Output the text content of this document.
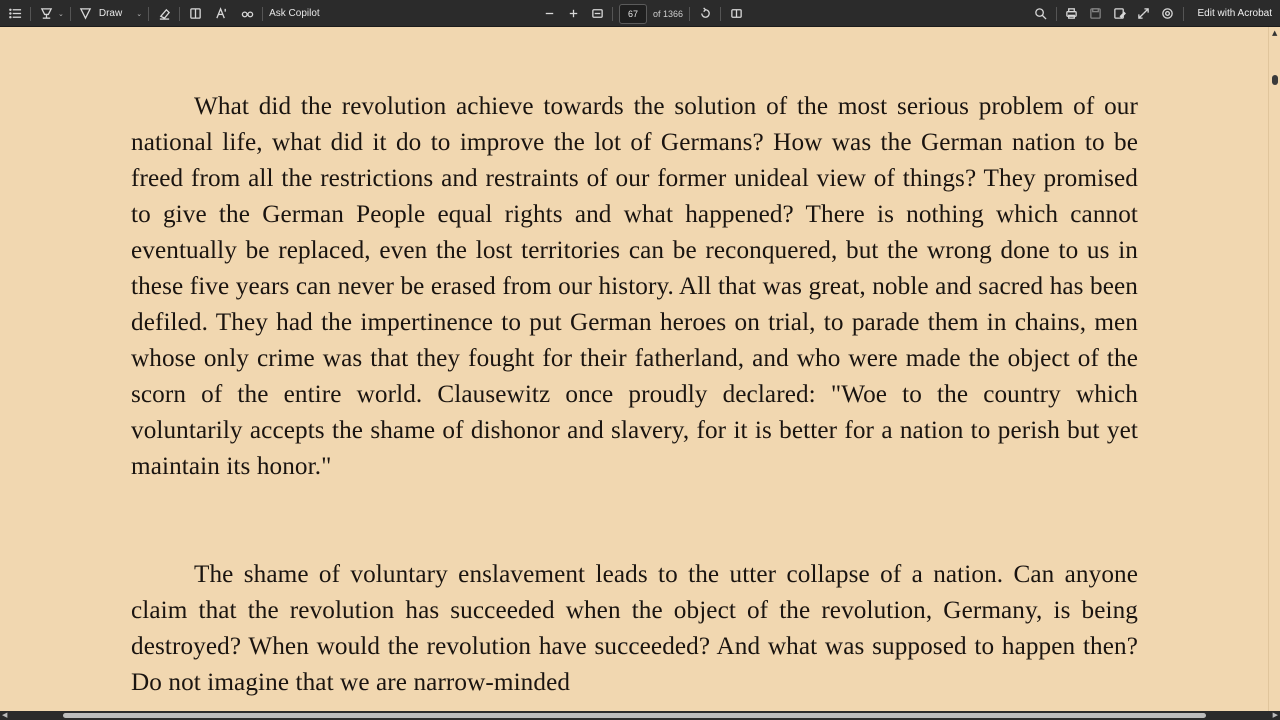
⌄	Draw ⌄	Ask Copilot	67	of 1366	Edit with Acrobat

What did the revolution achieve towards the solution of the most serious problem of our national life, what did it do to improve the lot of Germans? How was the German nation to be freed from all the restrictions and restraints of our former unideal view of things? They promised to give the German People equal rights and what happened? There is nothing which cannot eventually be replaced, even the lost territories can be reconquered, but the wrong done to us in these five years can never be erased from our history. All that was great, noble and sacred has been defiled. They had the impertinence to put German heroes on trial, to parade them in chains, men whose only crime was that they fought for their fatherland, and who were made the object of the scorn of the entire world. Clausewitz once proudly declared: "Woe to the country which voluntarily accepts the shame of dishonor and slavery, for it is better for a nation to perish but yet maintain its honor."

The shame of voluntary enslavement leads to the utter collapse of a nation. Can anyone claim that the revolution has succeeded when the object of the revolution, Germany, is being destroyed? When would the revolution have succeeded? And what was supposed to happen then? Do not imagine that we are narrow-minded

▲
◀	▶
